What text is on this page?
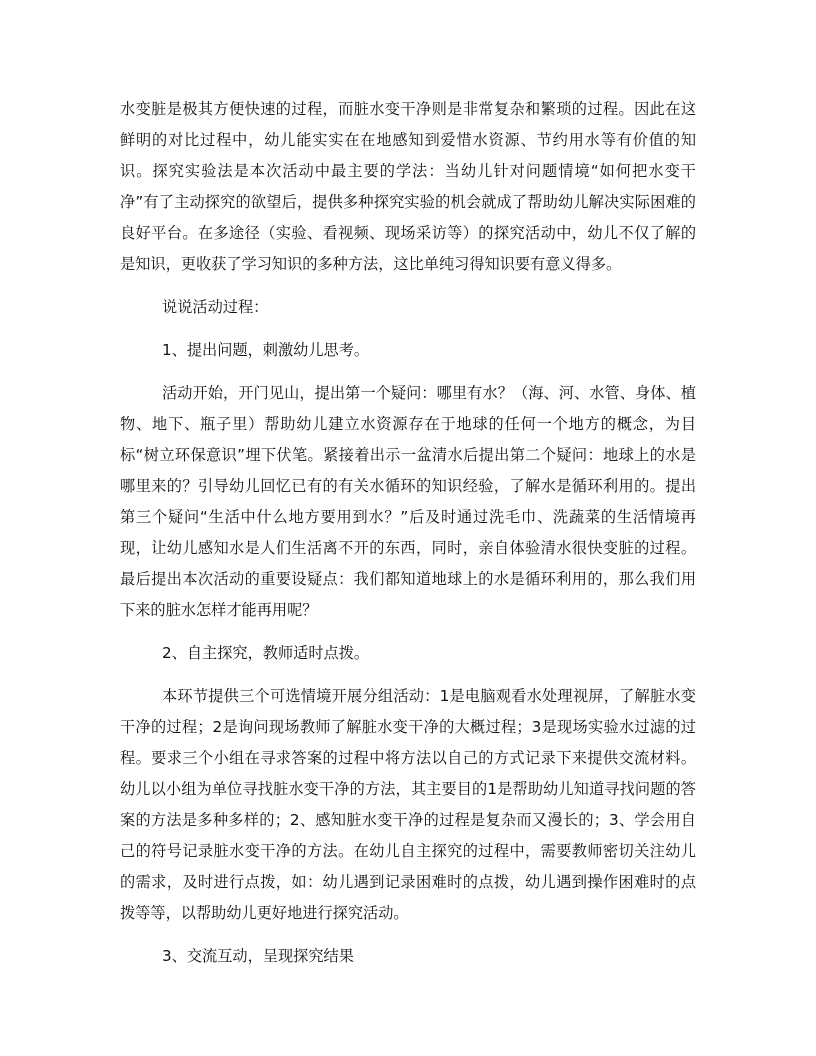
水变脏是极其方便快速的过程，而脏水变干净则是非常复杂和繁琐的过程。因此在这鲜明的对比过程中，幼儿能实实在在地感知到爱惜水资源、节约用水等有价值的知识。探究实验法是本次活动中最主要的学法：当幼儿针对问题情境“如何把水变干净”有了主动探究的欲望后，提供多种探究实验的机会就成了帮助幼儿解决实际困难的良好平台。在多途径（实验、看视频、现场采访等）的探究活动中，幼儿不仅了解的是知识，更收获了学习知识的多种方法，这比单纯习得知识要有意义得多。

说说活动过程：

1、提出问题，刺激幼儿思考。

活动开始，开门见山，提出第一个疑问：哪里有水？（海、河、水管、身体、植物、地下、瓶子里）帮助幼儿建立水资源存在于地球的任何一个地方的概念，为目标“树立环保意识”埋下伏笔。紧接着出示一盆清水后提出第二个疑问：地球上的水是哪里来的？引导幼儿回忆已有的有关水循环的知识经验，了解水是循环利用的。提出第三个疑问“生活中什么地方要用到水？”后及时通过洗毛巾、洗蔬菜的生活情境再现，让幼儿感知水是人们生活离不开的东西，同时，亲自体验清水很快变脏的过程。最后提出本次活动的重要设疑点：我们都知道地球上的水是循环利用的，那么我们用下来的脏水怎样才能再用呢？

2、自主探究，教师适时点拨。

本环节提供三个可选情境开展分组活动：1是电脑观看水处理视屏，了解脏水变干净的过程；2是询问现场教师了解脏水变干净的大概过程；3是现场实验水过滤的过程。要求三个小组在寻求答案的过程中将方法以自己的方式记录下来提供交流材料。幼儿以小组为单位寻找脏水变干净的方法，其主要目的1是帮助幼儿知道寻找问题的答案的方法是多种多样的；2、感知脏水变干净的过程是复杂而又漫长的；3、学会用自己的符号记录脏水变干净的方法。在幼儿自主探究的过程中，需要教师密切关注幼儿的需求，及时进行点拨，如：幼儿遇到记录困难时的点拨，幼儿遇到操作困难时的点拨等等，以帮助幼儿更好地进行探究活动。

3、交流互动，呈现探究结果
